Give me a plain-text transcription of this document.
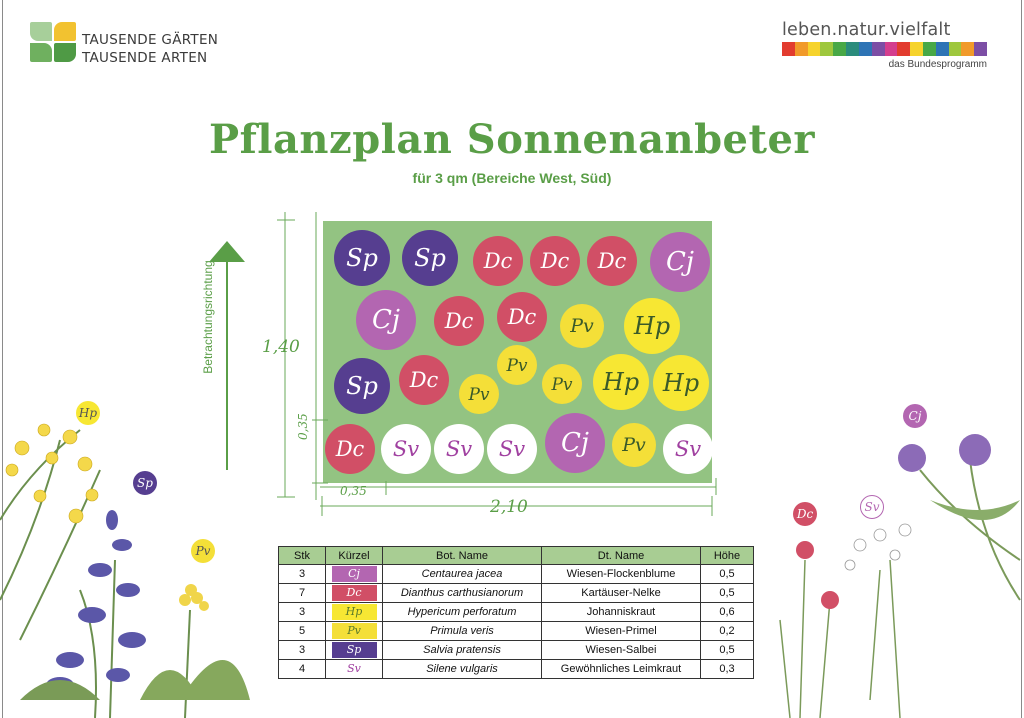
TAUSENDE GÄRTEN
TAUSENDE ARTEN
leben.natur.vielfalt
das Bundesprogramm
Pflanzplan Sonnenanbeter
für 3 qm (Bereiche West, Süd)
Sp Sp Dc Dc Dc Cj
Cj Dc Dc Pv Hp
Sp Dc
Pv
Pv
Pv Hp Hp
Dc Sv Sv Sv Cj Pv Sv
Betrachtungsrichtung	1,40
2,10
0,35
0,35
Stk	Kürzel	Bot. Name	Dt. Name	Höhe
3	Cj	Centaurea jacea	Wiesen-Flockenblume	0,5
7	Dc	Dianthus carthusianorum	Kartäuser-Nelke	0,5
3	Hp	Hypericum perforatum	Johanniskraut	0,6
5	Pv	Primula veris	Wiesen-Primel	0,2
3	Sp	Salvia pratensis	Wiesen-Salbei	0,5
4	Sv	Silene vulgaris	Gewöhnliches Leimkraut	0,3
Hp
Sp
Pv
Dc	Sv
Cj
